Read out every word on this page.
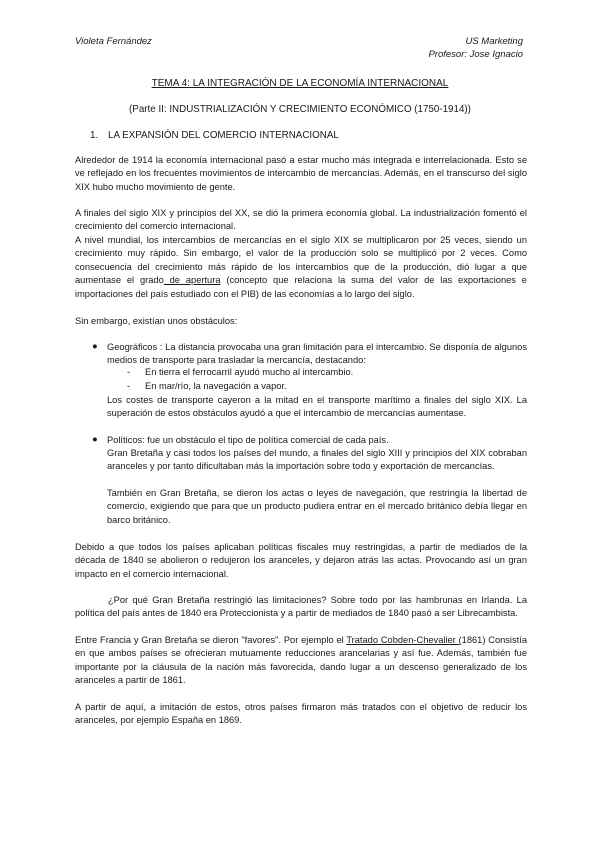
Violeta Fernández	US Marketing
Profesor: Jose Ignacio
TEMA 4: LA INTEGRACIÓN DE LA ECONOMÍA INTERNACIONAL
(Parte II: INDUSTRIALIZACIÓN Y CRECIMIENTO ECONÓMICO (1750-1914))
1. LA EXPANSIÓN DEL COMERCIO INTERNACIONAL

Alrededor de 1914 la economía internacional pasó a estar mucho más integrada e interrelacionada. Esto se ve reflejado en los frecuentes movimientos de intercambio de mercancías. Además, en el transcurso del siglo XIX hubo mucho movimiento de gente.

A finales del siglo XIX y principios del XX, se dió la primera economía global. La industrialización fomentó el crecimiento del comercio internacional.

A nivel mundial, los intercambios de mercancías en el siglo XIX se multiplicaron por 25 veces, siendo un crecimiento muy rápido. Sin embargo, el valor de la producción solo se multiplicó por 2 veces. Como consecuencia del crecimiento más rápido de los intercambios que de la producción, dió lugar a que aumentase el grado de apertura (concepto que relaciona la suma del valor de las exportaciones e importaciones del país estudiado con el PIB) de las economías a lo largo del siglo.

Sin embargo, existían unos obstáculos:

● Geográficos : La distancia provocaba una gran limitación para el intercambio. Se disponía de algunos medios de transporte para trasladar la mercancía, destacando:

- En tierra el ferrocarril ayudó mucho al intercambio.
- En mar/río, la navegación a vapor.

Los costes de transporte cayeron a la mitad en el transporte marítimo a finales del siglo XIX. La superación de estos obstáculos ayudó a que el intercambio de mercancías aumentase.

● Políticos: fue un obstáculo el tipo de política comercial de cada país.

Gran Bretaña y casi todos los países del mundo, a finales del siglo XIII y principios del XIX cobraban aranceles y por tanto dificultaban más la importación sobre todo y exportación de mercancías.

También en Gran Bretaña, se dieron los actas o leyes de navegación, que restringía la libertad de comercio, exigiendo que para que un producto pudiera entrar en el mercado británico debía llegar en barco británico.

Debido a que todos los países aplicaban políticas fiscales muy restringidas, a partir de mediados de la década de 1840 se abolieron o redujeron los aranceles, y dejaron atrás las actas. Provocando así un gran impacto en el comercio internacional.

¿Por qué Gran Bretaña restringió las limitaciones? Sobre todo por las hambrunas en Irlanda. La política del país antes de 1840 era Proteccionista y a partir de mediados de 1840 pasó a ser Librecambista.

Entre Francia y Gran Bretaña se dieron "favores". Por ejemplo el Tratado Cobden-Chevalier (1861) Consistía en que ambos países se ofrecieran mutuamente reducciones arancelarias y así fue. Además, también fue importante por la cláusula de la nación más favorecida, dando lugar a un descenso generalizado de los aranceles a partir de 1861.

A partir de aquí, a imitación de estos, otros países firmaron más tratados con el objetivo de reducir los aranceles, por ejemplo España en 1869.
